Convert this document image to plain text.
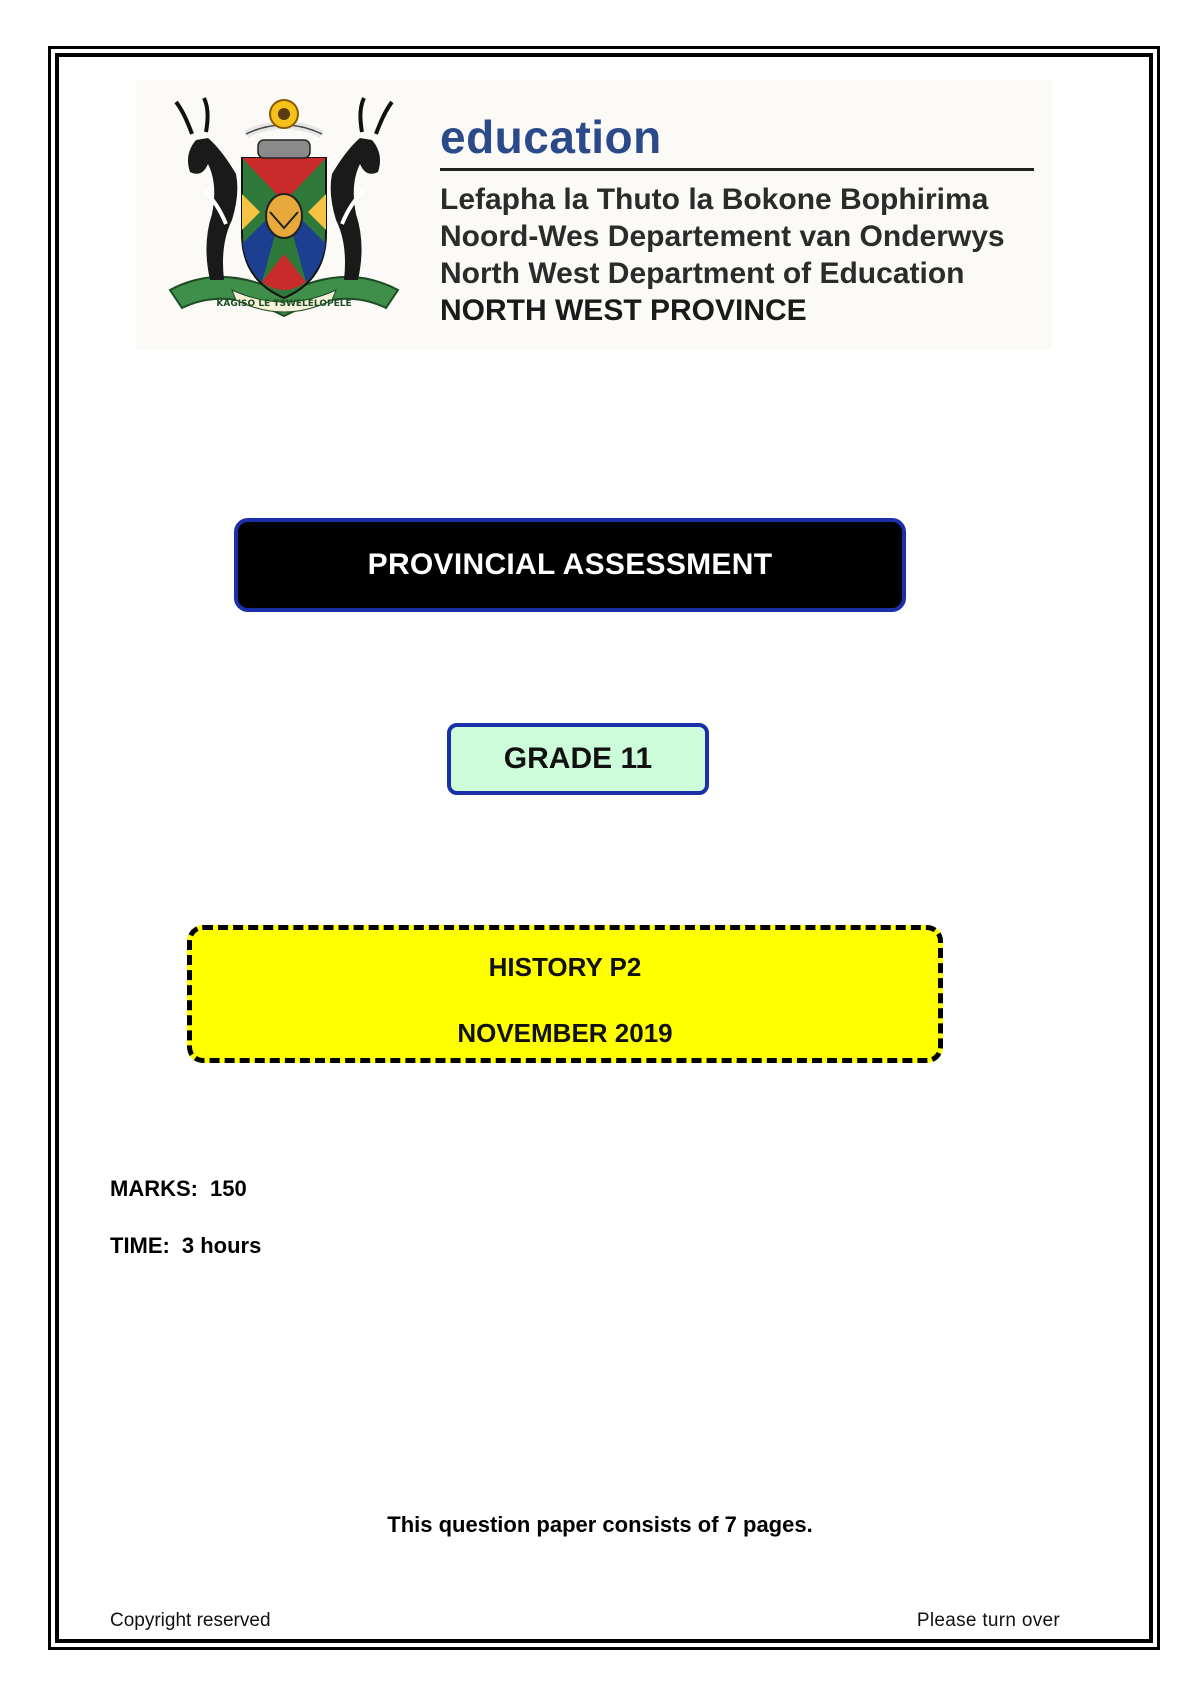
KAGISO LE TSWELELOPELE
education
Lefapha la Thuto la Bokone Bophirima
Noord-Wes Departement van Onderwys
North West Department of Education
NORTH WEST PROVINCE
PROVINCIAL ASSESSMENT
GRADE 11
HISTORY P2
NOVEMBER 2019
MARKS: 150
TIME: 3 hours
This question paper consists of 7 pages.
Copyright reserved	Please turn over
